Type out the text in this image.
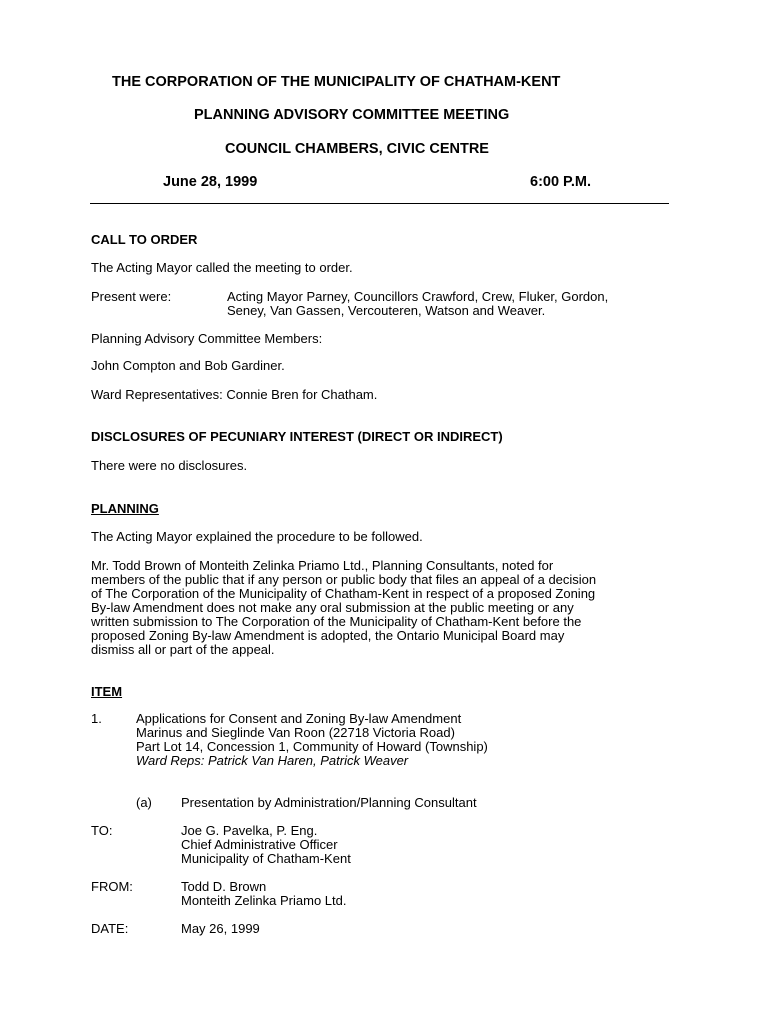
THE CORPORATION OF THE MUNICIPALITY OF CHATHAM-KENT
PLANNING ADVISORY COMMITTEE MEETING
COUNCIL CHAMBERS, CIVIC CENTRE
June 28, 1999	6:00 P.M.
CALL TO ORDER
The Acting Mayor called the meeting to order.
Present were:	Acting Mayor Parney, Councillors Crawford, Crew, Fluker, Gordon,
Seney, Van Gassen, Vercouteren, Watson and Weaver.
Planning Advisory Committee Members:
John Compton and Bob Gardiner.
Ward Representatives: Connie Bren for Chatham.
DISCLOSURES OF PECUNIARY INTEREST (DIRECT OR INDIRECT)
There were no disclosures.
PLANNING
The Acting Mayor explained the procedure to be followed.
Mr. Todd Brown of Monteith Zelinka Priamo Ltd., Planning Consultants, noted for
members of the public that if any person or public body that files an appeal of a decision
of The Corporation of the Municipality of Chatham-Kent in respect of a proposed Zoning
By-law Amendment does not make any oral submission at the public meeting or any
written submission to The Corporation of the Municipality of Chatham-Kent before the
proposed Zoning By-law Amendment is adopted, the Ontario Municipal Board may
dismiss all or part of the appeal.
ITEM
1.	Applications for Consent and Zoning By-law Amendment
Marinus and Sieglinde Van Roon (22718 Victoria Road)
Part Lot 14, Concession 1, Community of Howard (Township)
Ward Reps: Patrick Van Haren, Patrick Weaver
(a) Presentation by Administration/Planning Consultant
TO:	Joe G. Pavelka, P. Eng.
Chief Administrative Officer
Municipality of Chatham-Kent
FROM:	Todd D. Brown
Monteith Zelinka Priamo Ltd.
DATE:	May 26, 1999
